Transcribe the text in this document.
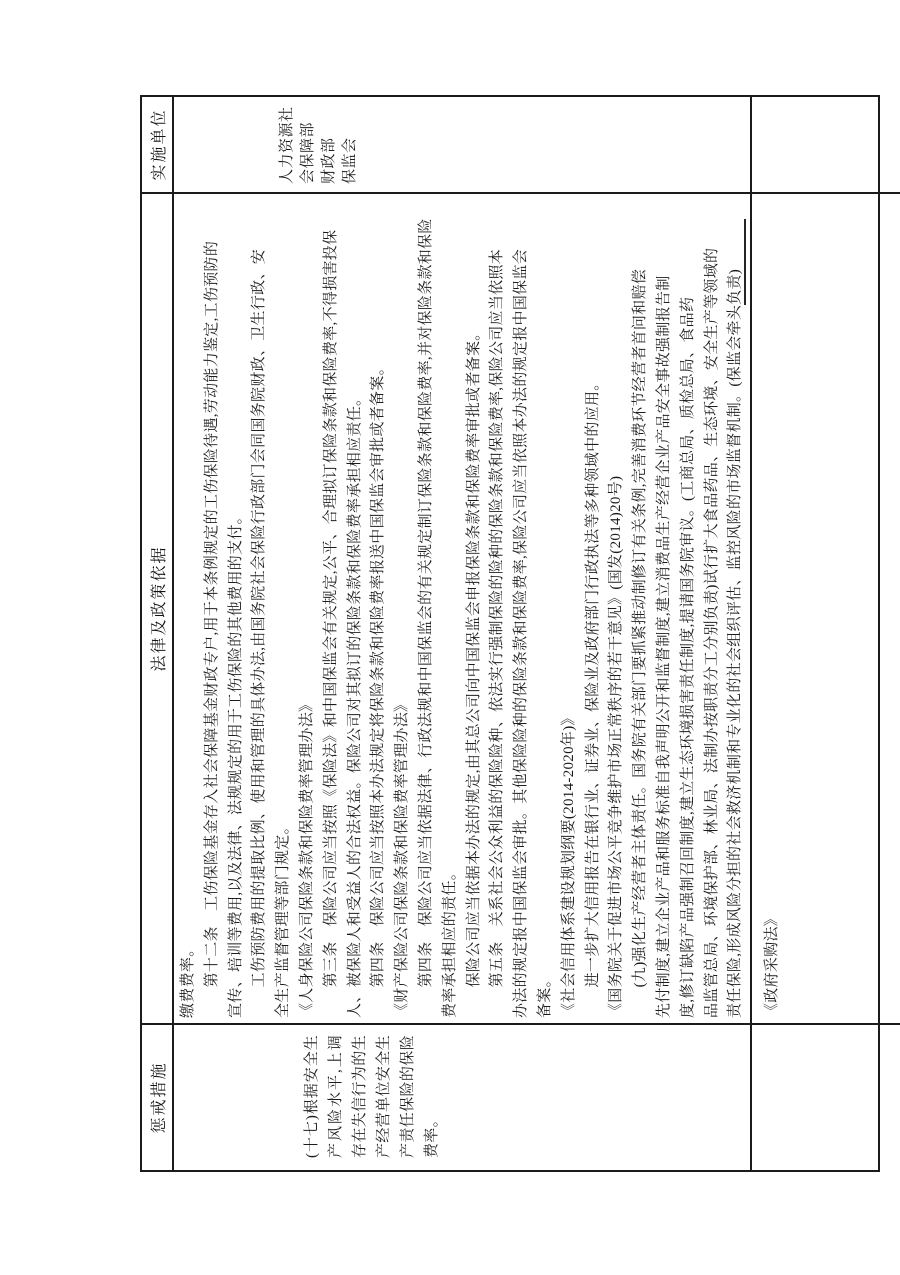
惩戒措施
法律及政策依据
实施单位
(十七)根据安全生产风险水平,上调存在失信行为的生产经营单位安全生产责任保险的保险费率。
缴费费率。 　　第十二条　工伤保险基金存入社会保障基金财政专户,用于本条例规定的工伤保险待遇,劳动能力鉴定,工伤预防的 宣传、培训等费用,以及法律、法规规定的用于工伤保险的其他费用的支付。 　　工伤预防费用的提取比例、使用和管理的具体办法,由国务院社会保险行政部门会同国务院财政、卫生行政、安 全生产监督管理等部门规定。 《人身保险公司保险条款和保险费率管理办法》 　　第三条　保险公司应当按照《保险法》和中国保监会有关规定,公平、合理拟订保险条款和保险费率,不得损害投保 人、被保险人和受益人的合法权益。保险公司对其拟订的保险条款和保险费率承担相应责任。 　　第四条　保险公司应当按照本办法规定将保险条款和保险费率报送中国保监会审批或者备案。 《财产保险公司保险条款和保险费率管理办法》 　　第四条　保险公司应当依据法律、行政法规和中国保监会的有关规定制订保险条款和保险费率,并对保险条款和保险 费率承担相应的责任。 　　保险公司应当依据本办法的规定,由其总公司向中国保监会申报保险条款和保险费率审批或者备案。 　　第五条　关系社会公众利益的保险险种、依法实行强制保险的险种的保险条款和保险费率,保险公司应当依照本 办法的规定报中国保监会审批。其他保险险种的保险条款和保险费率,保险公司应当依照本办法的规定报中国保监会 备案。 《社会信用体系建设规划纲要(2014-2020年)》 　　进一步扩大信用报告在银行业、证券业、保险业及政府部门行政执法等多种领域中的应用。 《国务院关于促进市场公平竞争维护市场正常秩序的若干意见》(国发(2014)20号) 　　(九)强化生产经营者主体责任。国务院有关部门要抓紧推动制修订有关条例,完善消费环节经营者首问和赔偿 先付制度,建立企业产品和服务标准自我声明公开和监督制度,建立消费品生产经营企业产品安全事故强制报告制 度,修订缺陷产品强制召回制度,建立生态环境损害责任制度,提请国务院审议。(工商总局、质检总局、食品药 品监管总局、环境保护部、林业局、法制办按职责分工分别负责)试行扩大食品药品、生态环境、安全生产等领域的 责任保险,形成风险分担的社会救济机制和专业化的社会组织评估、监控风险的市场监督机制。(保监会牵头负责)
人力资源社会保障部 财政部 保监会
《政府采购法》
